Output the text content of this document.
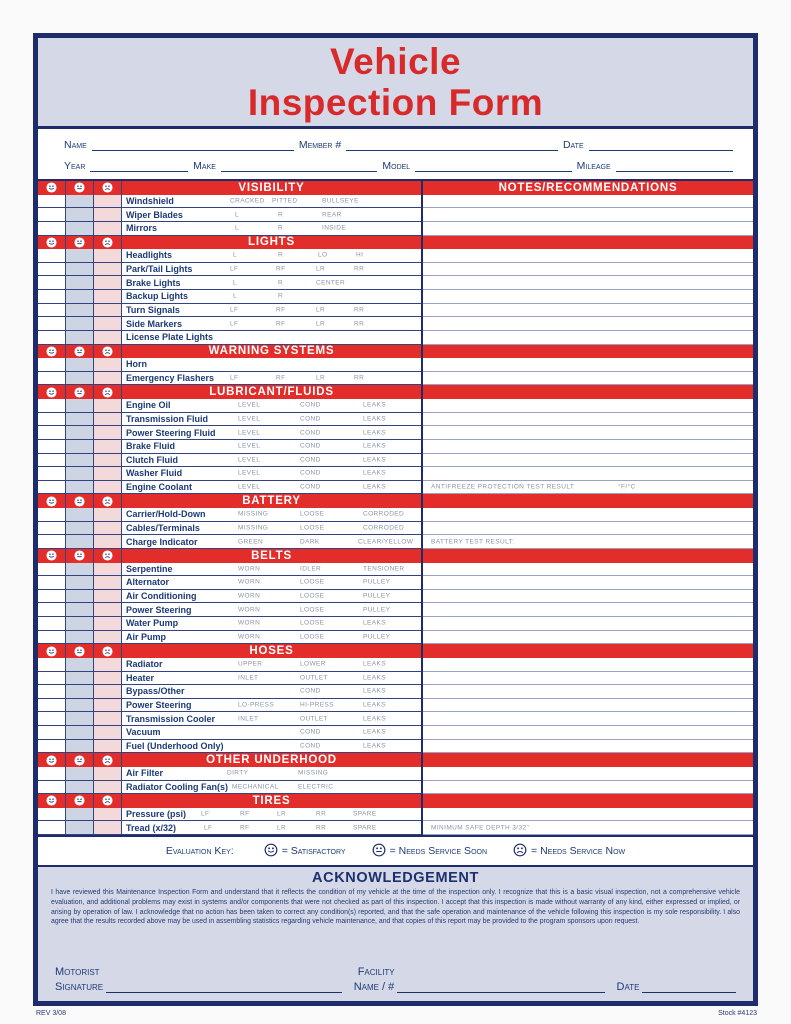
Vehicle
Inspection Form
Name	Member #	Date
Year	Make	Model	Mileage
VISIBILITY	NOTES/RECOMMENDATIONS
Windshield	CRACKED PITTED	BULLSEYE
Wiper Blades	L	R	REAR
Mirrors	L	R	INSIDE
LIGHTS
Headlights	L	R	LO	HI
Park/Tail Lights	LF	RF	LR	RR
Brake Lights	L	R	CENTER
Backup Lights	L	R
Turn Signals	LF	RF	LR	RR
Side Markers	LF	RF	LR	RR
License Plate Lights
WARNING SYSTEMS
Horn
Emergency Flashers LF	RF	LR	RR
LUBRICANT/FLUIDS
Engine Oil	LEVEL	COND	LEAKS
Transmission Fluid	LEVEL	COND	LEAKS
Power Steering Fluid	LEVEL	COND	LEAKS
Brake Fluid	LEVEL	COND	LEAKS
Clutch Fluid	LEVEL	COND	LEAKS
Washer Fluid	LEVEL	COND	LEAKS
Engine Coolant	LEVEL	COND	LEAKS	ANTIFREEZE PROTECTION TEST RESULT	°F/°C
BATTERY
Carrier/Hold-Down	MISSING	LOOSE	CORRODED
Cables/Terminals	MISSING	LOOSE	CORRODED
Charge Indicator	GREEN	DARK	CLEAR/YELLOW	BATTERY TEST RESULT:
BELTS
Serpentine	WORN	IDLER	TENSIONER
Alternator	WORN	LOOSE	PULLEY
Air Conditioning	WORN	LOOSE	PULLEY
Power Steering	WORN	LOOSE	PULLEY
Water Pump	WORN	LOOSE	LEAKS
Air Pump	WORN	LOOSE	PULLEY
HOSES
Radiator	UPPER	LOWER	LEAKS
Heater	INLET	OUTLET	LEAKS
Bypass/Other	COND	LEAKS
Power Steering	LO-PRESS	HI-PRESS	LEAKS
Transmission Cooler	INLET	OUTLET	LEAKS
Vacuum	COND	LEAKS
Fuel (Underhood Only)	COND	LEAKS
OTHER UNDERHOOD
Air Filter	DIRTY	MISSING
Radiator Cooling Fan(s) MECHANICAL	ELECTRIC
TIRES
Pressure (psi) LF	RF	LR	RR	SPARE
Tread (x/32)	LF	RF	LR	RR	SPARE	MINIMUM SAFE DEPTH 3/32"
Evaluation Key:	= Satisfactory	= Needs Service Soon	= Needs Service Now
ACKNOWLEDGEMENT
I have reviewed this Maintenance Inspection Form and understand that it reflects the condition of my vehicle at the time of the inspection only. I recognize that this is a basic visual inspection, not a comprehensive vehicle evaluation, and additional problems may exist in systems and/or components that were not checked as part of this inspection. I accept that this inspection is made without warranty of any kind, either expressed or implied, or arising by operation of law. I acknowledge that no action has been taken to correct any condition(s) reported, and that the safe operation and maintenance of the vehicle following this inspection is my sole responsibility. I also agree that the results recorded above may be used in assembling statistics regarding vehicle maintenance, and that copies of this report may be provided to the program sponsors upon request.
Motorist
Signature
Facility
Name / #	Date
REV 3/08	Stock #4123
